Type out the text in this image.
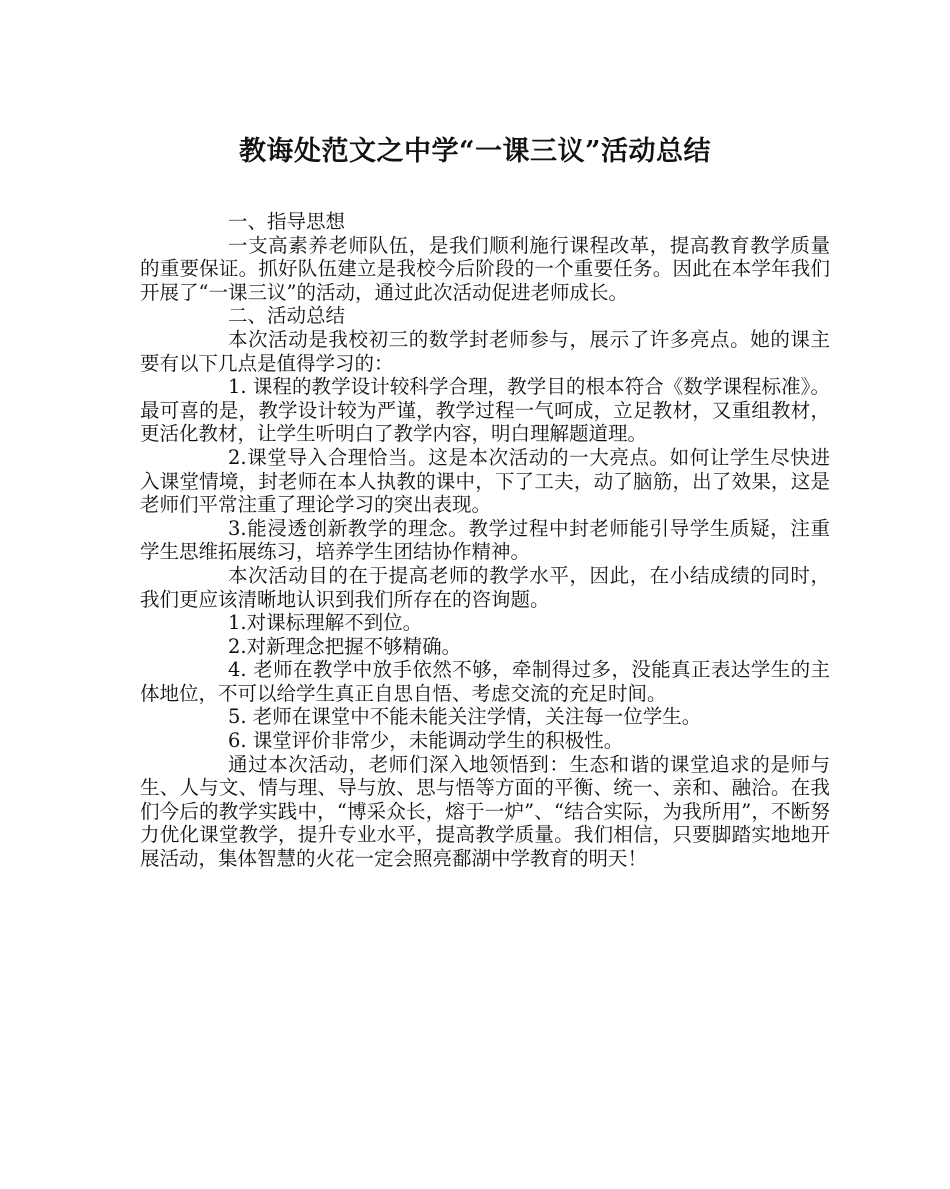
教诲处范文之中学“一课三议”活动总结

一、指导思想

一支高素养老师队伍，是我们顺利施行课程改革，提高教育教学质量的重要保证。抓好队伍建立是我校今后阶段的一个重要任务。因此在本学年我们开展了“一课三议”的活动，通过此次活动促进老师成长。

二、活动总结

本次活动是我校初三的数学封老师参与，展示了许多亮点。她的课主要有以下几点是值得学习的：

1. 课程的教学设计较科学合理，教学目的根本符合《数学课程标准》。最可喜的是，教学设计较为严谨，教学过程一气呵成，立足教材，又重组教材，更活化教材，让学生听明白了教学内容，明白理解题道理。

2.课堂导入合理恰当。这是本次活动的一大亮点。如何让学生尽快进入课堂情境，封老师在本人执教的课中，下了工夫，动了脑筋，出了效果，这是老师们平常注重了理论学习的突出表现。

3.能浸透创新教学的理念。教学过程中封老师能引导学生质疑，注重学生思维拓展练习，培养学生团结协作精神。

本次活动目的在于提高老师的教学水平，因此，在小结成绩的同时，我们更应该清晰地认识到我们所存在的咨询题。

1.对课标理解不到位。

2.对新理念把握不够精确。

4. 老师在教学中放手依然不够，牵制得过多，没能真正表达学生的主体地位，不可以给学生真正自思自悟、考虑交流的充足时间。

5. 老师在课堂中不能未能关注学情，关注每一位学生。

6. 课堂评价非常少，未能调动学生的积极性。

通过本次活动，老师们深入地领悟到：生态和谐的课堂追求的是师与生、人与文、情与理、导与放、思与悟等方面的平衡、统一、亲和、融洽。在我们今后的教学实践中，“博采众长，熔于一炉”、“结合实际，为我所用”，不断努力优化课堂教学，提升专业水平，提高教学质量。我们相信，只要脚踏实地地开展活动，集体智慧的火花一定会照亮鄱湖中学教育的明天！
